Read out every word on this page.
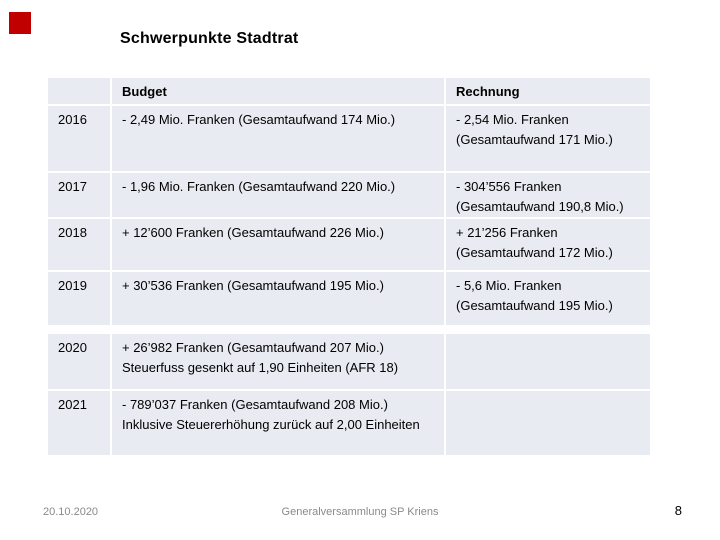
Schwerpunkte Stadtrat
	Budget	Rechnung
2016	- 2,49 Mio. Franken (Gesamtaufwand 174 Mio.)	- 2,54 Mio. Franken
(Gesamtaufwand 171 Mio.)

2017	- 1,96 Mio. Franken (Gesamtaufwand 220 Mio.)	- 304’556 Franken
(Gesamtaufwand 190,8 Mio.)

2018	+ 12’600 Franken (Gesamtaufwand 226 Mio.)	+ 21’256 Franken
(Gesamtaufwand 172 Mio.)

2019	+ 30’536 Franken (Gesamtaufwand 195 Mio.)	- 5,6 Mio. Franken
(Gesamtaufwand 195 Mio.)

2020	+ 26’982 Franken (Gesamtaufwand 207 Mio.)
Steuerfuss gesenkt auf 1,90 Einheiten (AFR 18)	

2021	- 789’037 Franken (Gesamtaufwand 208 Mio.)
Inklusive Steuererhöhung zurück auf 2,00 Einheiten	

20.10.2020	Generalversammlung SP Kriens	8
